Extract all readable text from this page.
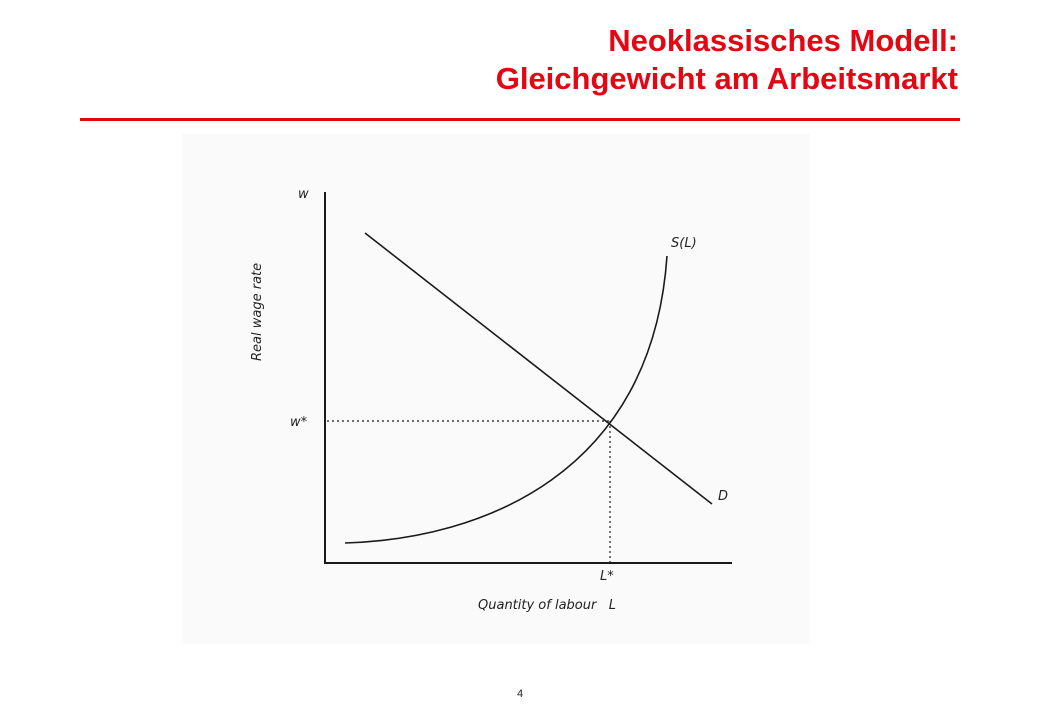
Neoklassisches Modell:
Gleichgewicht am Arbeitsmarkt
w
Real wage rate
w*
L*
Quantity of labour   L
S(L)
D
4
